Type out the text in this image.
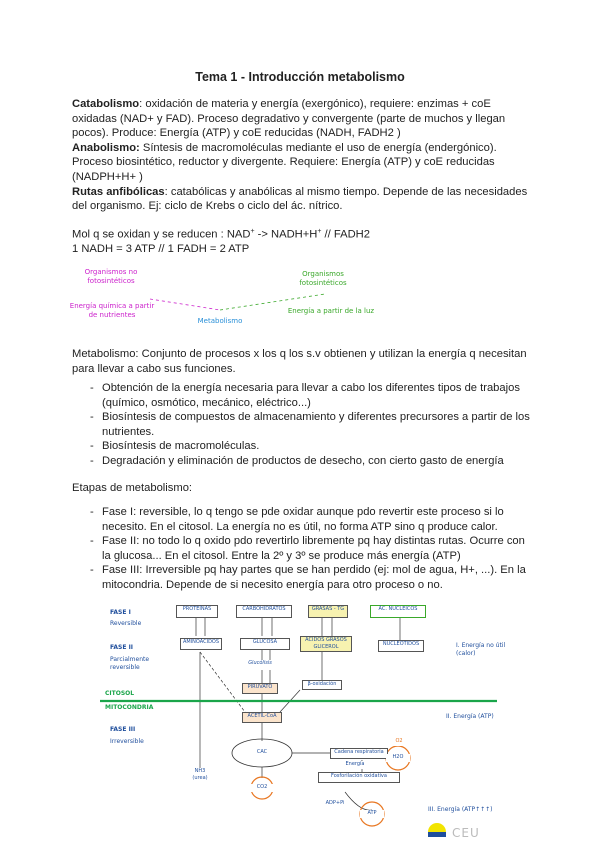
Tema 1 - Introducción metabolismo
Catabolismo: oxidación de materia y energía (exergónico), requiere: enzimas + coE oxidadas (NAD+ y FAD). Proceso degradativo y convergente (parte de muchos y llegan pocos). Produce: Energía (ATP) y coE reducidas (NADH, FADH2 )
Anabolismo: Síntesis de macromoléculas mediante el uso de energía (endergónico). Proceso biosintético, reductor y divergente. Requiere: Energía (ATP) y coE reducidas (NADPH+H+ )
Rutas anfibólicas: catabólicas y anabólicas al mismo tiempo. Depende de las necesidades del organismo. Ej: ciclo de Krebs o ciclo del ác. nítrico.
Mol q se oxidan y se reducen : NAD+ -> NADH+H+ // FADH2
1 NADH = 3 ATP // 1 FADH = 2 ATP
Organismos no fotosintéticos
Organismos fotosintéticos
Energía química a partir de nutrientes	Energía a partir de la luz
Metabolismo
Metabolismo: Conjunto de procesos x los q los s.v obtienen y utilizan la energía q necesitan para llevar a cabo sus funciones.
- Obtención de la energía necesaria para llevar a cabo los diferentes tipos de trabajos (químico, osmótico, mecánico, eléctrico...)
- Biosíntesis de compuestos de almacenamiento y diferentes precursores a partir de los nutrientes.
- Biosíntesis de macromoléculas.
- Degradación y eliminación de productos de desecho, con cierto gasto de energía
Etapas de metabolismo:
- Fase I: reversible, lo q tengo se pde oxidar aunque pdo revertir este proceso si lo necesito. En el citosol. La energía no es útil, no forma ATP sino q produce calor.
- Fase II: no todo lo q oxido pdo revertirlo libremente pq hay distintas rutas. Ocurre con la glucosa... En el citosol. Entre la 2º y 3º se produce más energía (ATP)
- Fase III: Irreversible pq hay partes que se han perdido (ej: mol de agua, H+, ...). En la mitocondria. Depende de si necesito energía para otro proceso o no.
FASE I
Reversible
FASE II
Parcialmente reversible
CITOSOL
MITOCONDRIA
FASE III
Irreversible
PROTEÍNAS	CARBOHIDRATOS	GRASAS - TG	ÁC. NUCLEICOS
AMINOÁCIDOS	GLUCOSA	ÁCIDOS GRASOS GLICEROL	NUCLEÓTIDOS
Glucólisis
PIRUVATO	β-oxidación
ACETIL-CoA
CAC	Cadena respiratoria
Energía
Fosforilación oxidativa
O2
H2O
CO2
NH3 (urea)
ADP+Pi
ATP
I. Energía no útil (calor)
II. Energía (ATP)
III. Energía (ATP↑↑↑)
CEU
